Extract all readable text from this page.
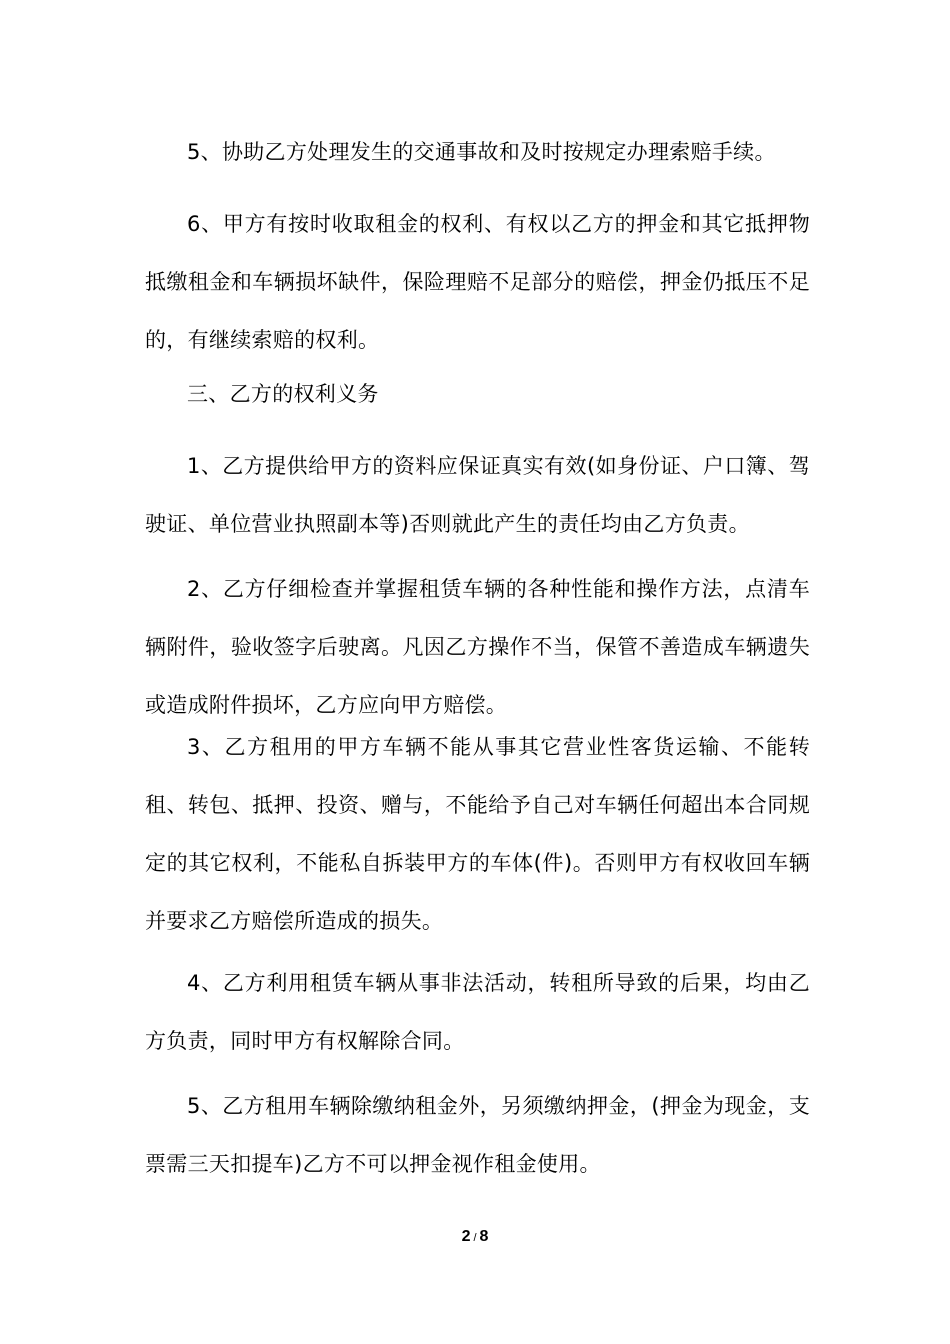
5、协助乙方处理发生的交通事故和及时按规定办理索赔手续。

6、甲方有按时收取租金的权利、有权以乙方的押金和其它抵押物抵缴租金和车辆损坏缺件，保险理赔不足部分的赔偿，押金仍抵压不足的，有继续索赔的权利。

三、乙方的权利义务

1、乙方提供给甲方的资料应保证真实有效(如身份证、户口簿、驾驶证、单位营业执照副本等)否则就此产生的责任均由乙方负责。

2、乙方仔细检查并掌握租赁车辆的各种性能和操作方法，点清车辆附件，验收签字后驶离。凡因乙方操作不当，保管不善造成车辆遗失或造成附件损坏，乙方应向甲方赔偿。

3、乙方租用的甲方车辆不能从事其它营业性客货运输、不能转租、转包、抵押、投资、赠与，不能给予自己对车辆任何超出本合同规定的其它权利，不能私自拆装甲方的车体(件)。否则甲方有权收回车辆并要求乙方赔偿所造成的损失。

4、乙方利用租赁车辆从事非法活动，转租所导致的后果，均由乙方负责，同时甲方有权解除合同。

5、乙方租用车辆除缴纳租金外，另须缴纳押金，(押金为现金，支票需三天扣提车)乙方不可以押金视作租金使用。

2 / 8
